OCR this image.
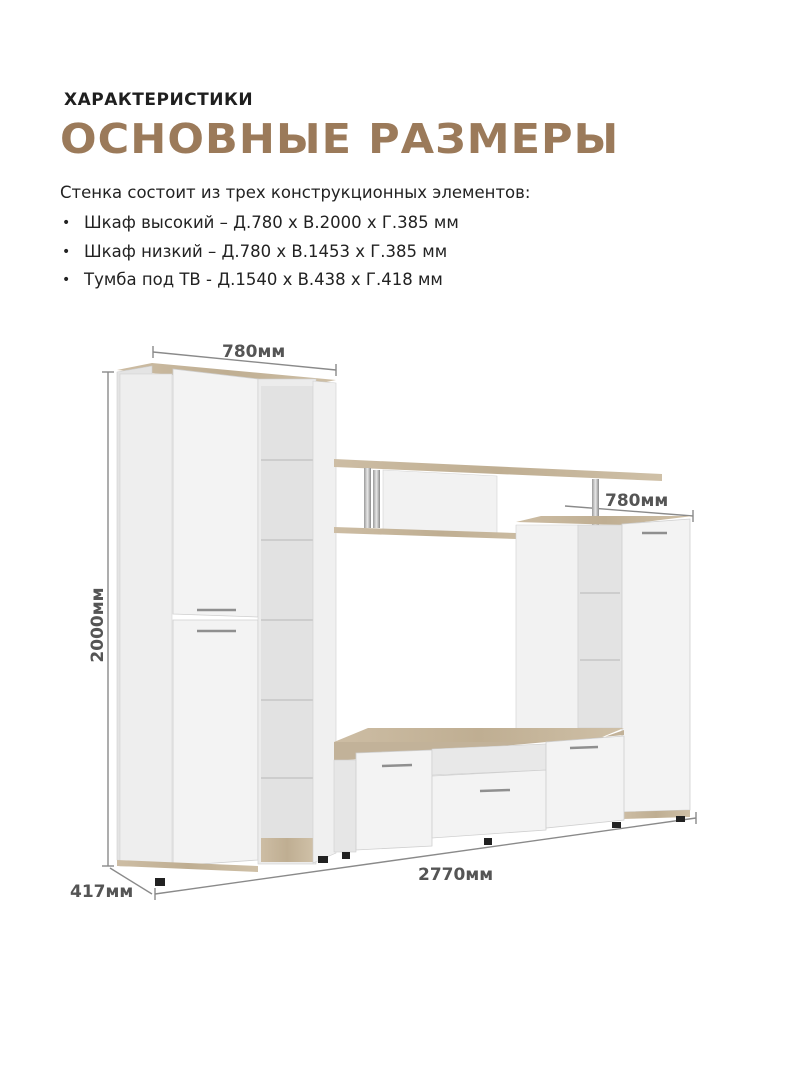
ХАРАКТЕРИСТИКИ
ОСНОВНЫЕ РАЗМЕРЫ
Стенка состоит из трех конструкционных элементов:
• Шкаф высокий – Д.780 х В.2000 х Г.385 мм
• Шкаф низкий – Д.780 х В.1453 х Г.385 мм
• Тумба под ТВ - Д.1540 х В.438 х Г.418 мм
780мм
780мм
2000мм
417мм
2770мм
